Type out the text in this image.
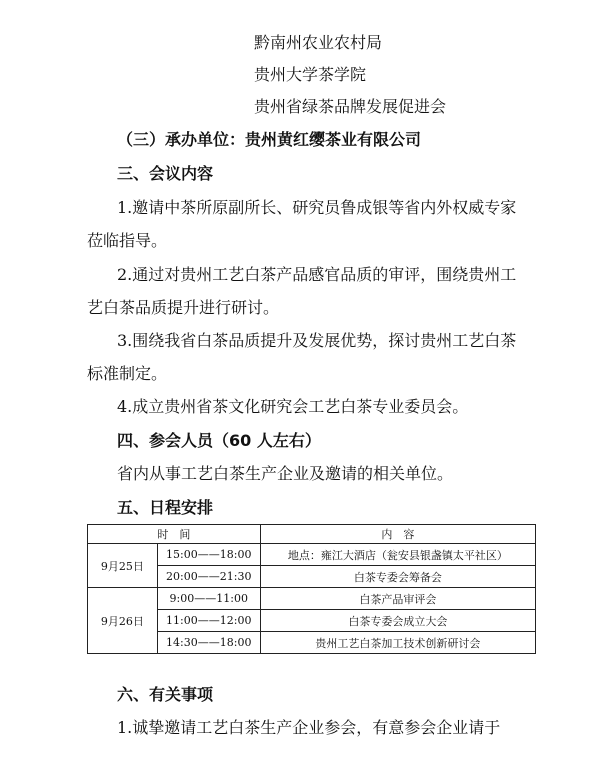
黔南州农业农村局
贵州大学茶学院
贵州省绿茶品牌发展促进会
（三）承办单位：贵州黄红缨茶业有限公司
三、会议内容
1.邀请中茶所原副所长、研究员鲁成银等省内外权威专家
莅临指导。
2.通过对贵州工艺白茶产品感官品质的审评，围绕贵州工
艺白茶品质提升进行研讨。
3.围绕我省白茶品质提升及发展优势，探讨贵州工艺白茶
标准制定。
4.成立贵州省茶文化研究会工艺白茶专业委员会。
四、参会人员（60 人左右）
省内从事工艺白茶生产企业及邀请的相关单位。
五、日程安排
时　间		内　容
9月25日	15:00——18:00	地点：雍江大酒店（瓮安县银盏镇太平社区）
	20:00——21:30	白茶专委会筹备会
9月26日	9:00——11:00	白茶产品审评会
	11:00——12:00	白茶专委会成立大会
	14:30——18:00	贵州工艺白茶加工技术创新研讨会
六、有关事项
1.诚挚邀请工艺白茶生产企业参会，有意参会企业请于
